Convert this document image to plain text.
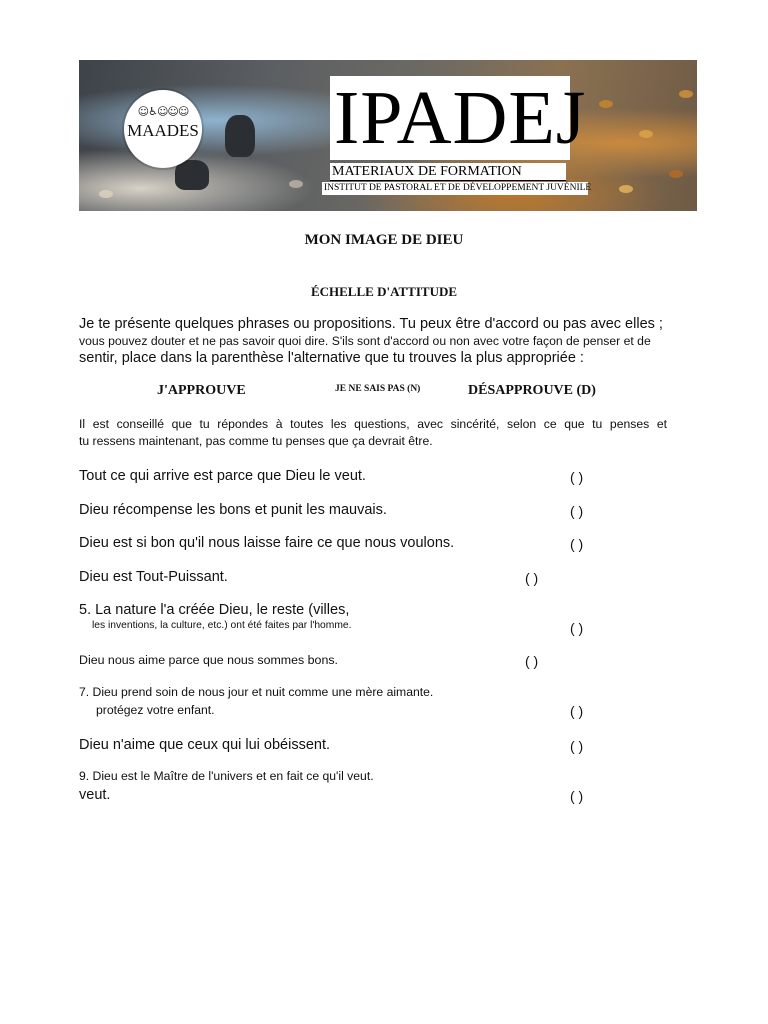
☺♿☺☺☺
MAADES IPADEJ
MATERIAUX DE FORMATION
INSTITUT DE PASTORAL ET DE DÉVELOPPEMENT JUVÉNILE
MON IMAGE DE DIEU
ÉCHELLE D'ATTITUDE
Je te présente quelques phrases ou propositions. Tu peux être d'accord ou pas avec elles ;
vous pouvez douter et ne pas savoir quoi dire. S'ils sont d'accord ou non avec votre façon de penser et de
sentir, place dans la parenthèse l'alternative que tu trouves la plus appropriée :
J'APPROUVE	JE NE SAIS PAS (N)	DÉSAPPROUVE (D)
Il est conseillé que tu répondes à toutes les questions, avec sincérité, selon ce que tu penses et
tu ressens maintenant, pas comme tu penses que ça devrait être.
Tout ce qui arrive est parce que Dieu le veut.	( )
Dieu récompense les bons et punit les mauvais.	( )
Dieu est si bon qu'il nous laisse faire ce que nous voulons.	( )
Dieu est Tout-Puissant.	( )
5. La nature l'a créée Dieu, le reste (villes,
les inventions, la culture, etc.) ont été faites par l'homme.	( )
Dieu nous aime parce que nous sommes bons.	( )
7. Dieu prend soin de nous jour et nuit comme une mère aimante.
protégez votre enfant.	( )
Dieu n'aime que ceux qui lui obéissent.	( )
9. Dieu est le Maître de l'univers et en fait ce qu'il veut.
veut.	( )
